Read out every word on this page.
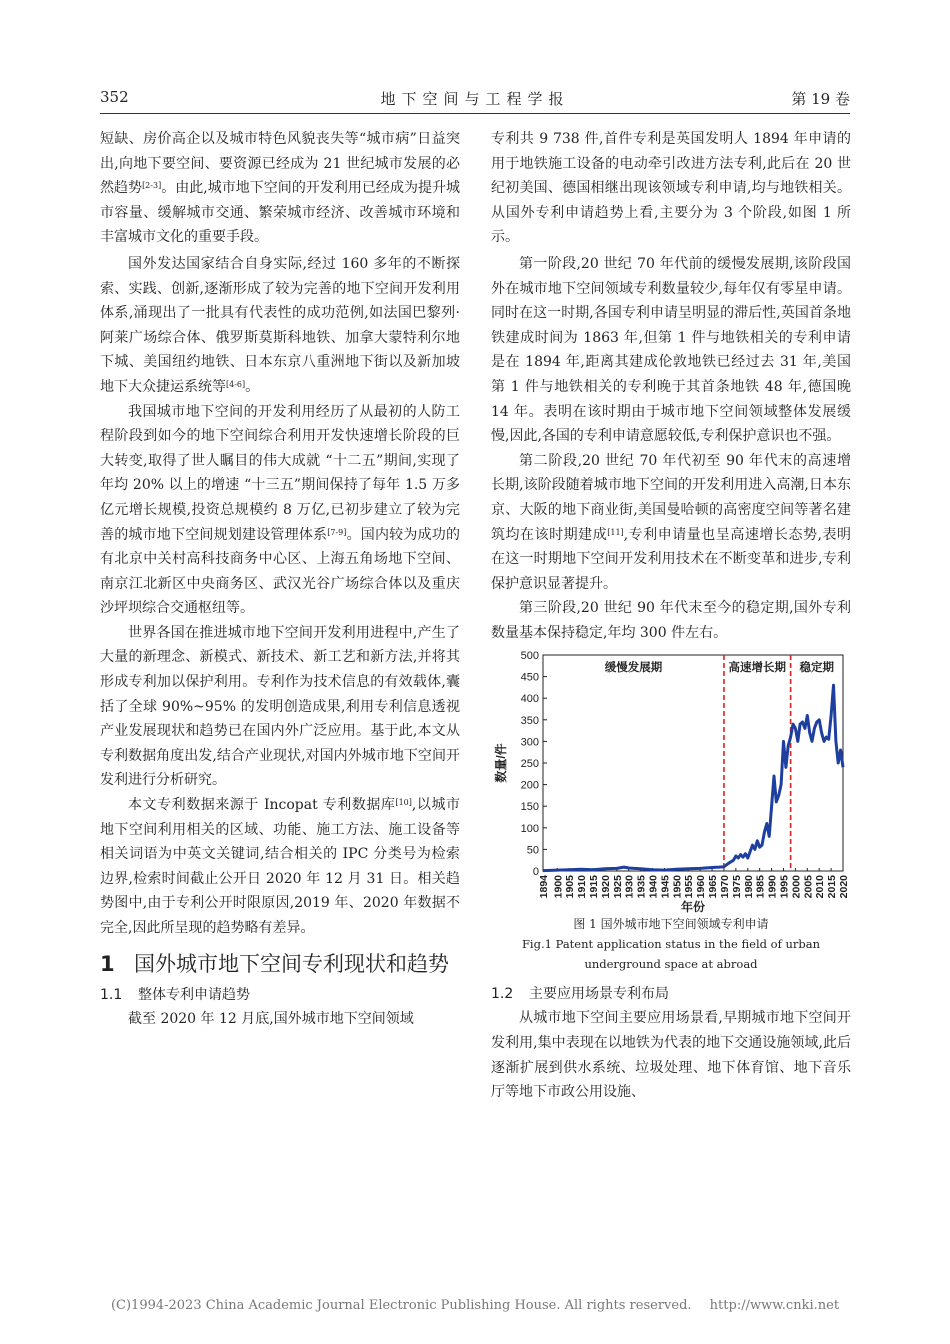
352	地下空间与工程学报	第 19 卷

短缺、房价高企以及城市特色风貌丧失等“城市病”日益突出,向地下要空间、要资源已经成为 21 世纪城市发展的必然趋势[2-3]。由此,城市地下空间的开发利用已经成为提升城市容量、缓解城市交通、繁荣城市经济、改善城市环境和丰富城市文化的重要手段。

国外发达国家结合自身实际,经过 160 多年的不断探索、实践、创新,逐渐形成了较为完善的地下空间开发利用体系,涌现出了一批具有代表性的成功范例,如法国巴黎列·阿莱广场综合体、俄罗斯莫斯科地铁、加拿大蒙特利尔地下城、美国纽约地铁、日本东京八重洲地下街以及新加坡地下大众捷运系统等[4-6]。

我国城市地下空间的开发利用经历了从最初的人防工程阶段到如今的地下空间综合利用开发快速增长阶段的巨大转变,取得了世人瞩目的伟大成就 “十二五”期间,实现了年均 20% 以上的增速 “十三五”期间保持了每年 1.5 万多亿元增长规模,投资总规模约 8 万亿,已初步建立了较为完善的城市地下空间规划建设管理体系[7-9]。国内较为成功的有北京中关村高科技商务中心区、上海五角场地下空间、南京江北新区中央商务区、武汉光谷广场综合体以及重庆沙坪坝综合交通枢纽等。

世界各国在推进城市地下空间开发利用进程中,产生了大量的新理念、新模式、新技术、新工艺和新方法,并将其形成专利加以保护利用。专利作为技术信息的有效载体,囊括了全球 90%~95% 的发明创造成果,利用专利信息透视产业发展现状和趋势已在国内外广泛应用。基于此,本文从专利数据角度出发,结合产业现状,对国内外城市地下空间开发利进行分析研究。

本文专利数据来源于 Incopat 专利数据库[10],以城市地下空间利用相关的区域、功能、施工方法、施工设备等相关词语为中英文关键词,结合相关的 IPC 分类号为检索边界,检索时间截止公开日 2020 年 12 月 31 日。相关趋势图中,由于专利公开时限原因,2019 年、2020 年数据不完全,因此所呈现的趋势略有差异。

1 国外城市地下空间专利现状和趋势
1.1	整体专利申请趋势

截至 2020 年 12 月底,国外城市地下空间领域

专利共 9 738 件,首件专利是英国发明人 1894 年申请的用于地铁施工设备的电动牵引改进方法专利,此后在 20 世纪初美国、德国相继出现该领域专利申请,均与地铁相关。从国外专利申请趋势上看,主要分为 3 个阶段,如图 1 所示。

第一阶段,20 世纪 70 年代前的缓慢发展期,该阶段国外在城市地下空间领域专利数量较少,每年仅有零星申请。同时在这一时期,各国专利申请呈明显的滞后性,英国首条地铁建成时间为 1863 年,但第 1 件与地铁相关的专利申请是在 1894 年,距离其建成伦敦地铁已经过去 31 年,美国第 1 件与地铁相关的专利晚于其首条地铁 48 年,德国晚 14 年。表明在该时期由于城市地下空间领域整体发展缓慢,因此,各国的专利申请意愿较低,专利保护意识也不强。

第二阶段,20 世纪 70 年代初至 90 年代末的高速增长期,该阶段随着城市地下空间的开发利用进入高潮,日本东京、大阪的地下商业街,美国曼哈顿的高密度空间等著名建筑均在该时期建成[11],专利申请量也呈高速增长态势,表明在这一时期地下空间开发利用技术在不断变革和进步,专利保护意识显著提升。

第三阶段,20 世纪 90 年代末至今的稳定期,国外专利数量基本保持稳定,年均 300 件左右。

0
50
100
150
200
250
300
350
400
450
500
1894 1900 1905 1910 1915 1920 1925 1930 1935 1940 1945 1950 1955 1960 1965 1970 1975 1980 1985 1990 1995 2000 2005 2010 2015 2020
缓慢发展期	高速增长期 稳定期
数量/件
年份
图 1 国外城市地下空间领域专利申请
Fig.1 Patent application status in the field of urban
underground space at abroad
1.2	主要应用场景专利布局

从城市地下空间主要应用场景看,早期城市地下空间开发利用,集中表现在以地铁为代表的地下交通设施领域,此后逐渐扩展到供水系统、垃圾处理、地下体育馆、地下音乐厅等地下市政公用设施、

(C)1994-2023 China Academic Journal Electronic Publishing House. All rights reserved. http://www.cnki.net
